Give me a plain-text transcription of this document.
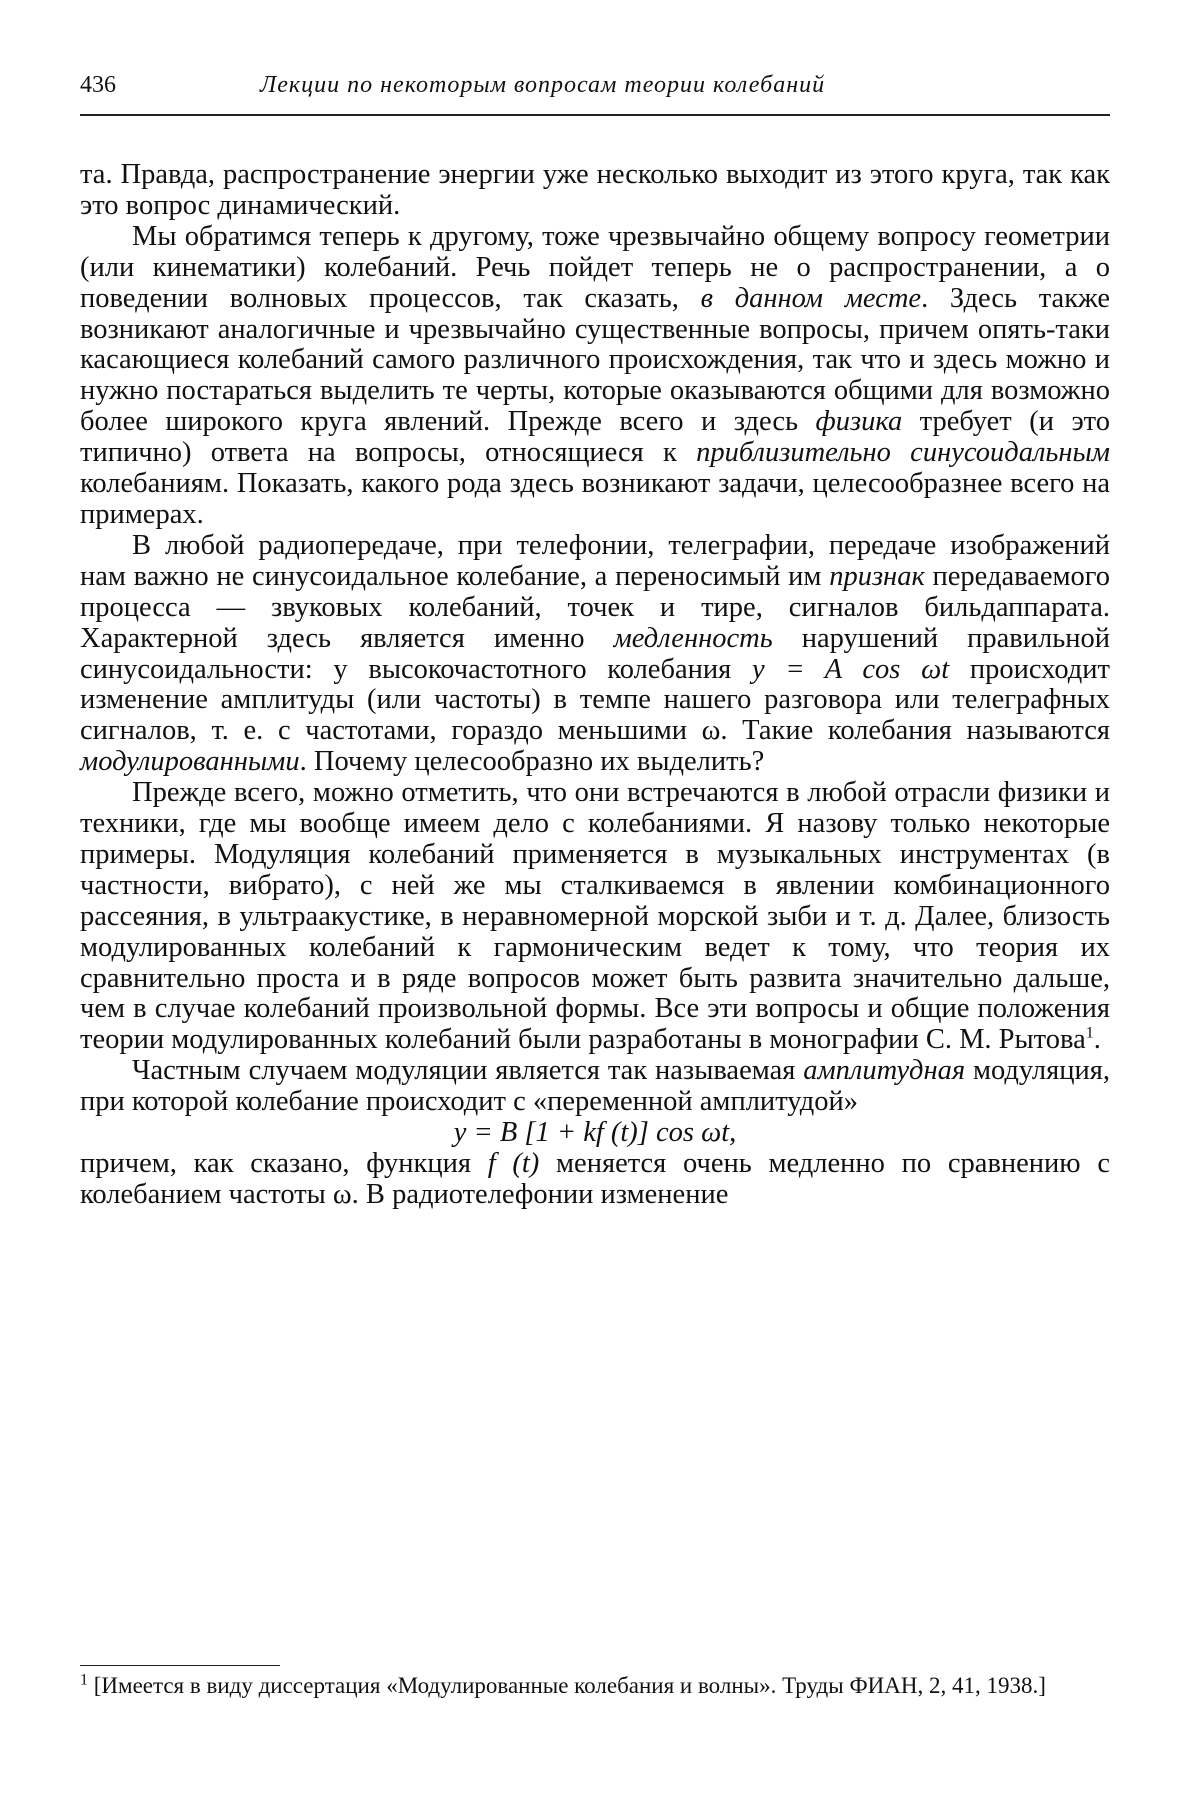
436	Лекции по некоторым вопросам теории колебаний

та. Правда, распространение энергии уже несколько выходит из этого круга, так как это вопрос динамический.

Мы обратимся теперь к другому, тоже чрезвычайно общему вопросу геометрии (или кинематики) колебаний. Речь пойдет теперь не о распространении, а о поведении волновых процессов, так сказать, в данном месте. Здесь также возникают аналогичные и чрезвычайно существенные вопросы, причем опять-таки касающиеся колебаний самого различного происхождения, так что и здесь можно и нужно постараться выделить те черты, которые оказываются общими для возможно более широкого круга явлений. Прежде всего и здесь физика требует (и это типично) ответа на вопросы, относящиеся к приблизительно синусоидальным колебаниям. Показать, какого рода здесь возникают задачи, целесообразнее всего на примерах.

В любой радиопередаче, при телефонии, телеграфии, передаче изображений нам важно не синусоидальное колебание, а переносимый им признак передаваемого процесса — звуковых колебаний, точек и тире, сигналов бильдаппарата. Характерной здесь является именно медленность нарушений правильной синусоидальности: у высокочастотного колебания y = A cos ωt происходит изменение амплитуды (или частоты) в темпе нашего разговора или телеграфных сигналов, т. е. с частотами, гораздо меньшими ω. Такие колебания называются модулированными. Почему целесообразно их выделить?

Прежде всего, можно отметить, что они встречаются в любой отрасли физики и техники, где мы вообще имеем дело с колебаниями. Я назову только некоторые примеры. Модуляция колебаний применяется в музыкальных инструментах (в частности, вибрато), с ней же мы сталкиваемся в явлении комбинационного рассеяния, в ультраакустике, в неравномерной морской зыби и т. д. Далее, близость модулированных колебаний к гармоническим ведет к тому, что теория их сравнительно проста и в ряде вопросов может быть развита значительно дальше, чем в случае колебаний произвольной формы. Все эти вопросы и общие положения теории модулированных колебаний были разработаны в монографии С. М. Рытова$^1$.

Частным случаем модуляции является так называемая амплитудная модуляция, при которой колебание происходит с «переменной амплитудой»

y = B [1 + kf (t)] cos ωt,

причем, как сказано, функция f (t) меняется очень медленно по сравнению с колебанием частоты ω. В радиотелефонии изменение

$^1$ [Имеется в виду диссертация «Модулированные колебания и волны». Труды ФИАН, 2, 41, 1938.]
